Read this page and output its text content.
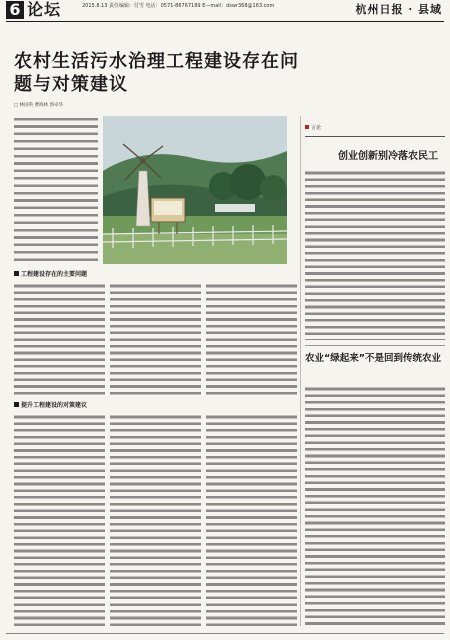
6 论坛	2015.8.13 责任编辑：付雪 电话：0571-86767189 E—mail：dswr368@163.com	杭州日报 · 县域
农村生活污水治理工程建设存在问题与对策建议
□ 林国英 曹海林 郭卓华
工程建设存在的主要问题
提升工程建设的对策建议
言论
创业创新别冷落农民工
农业“绿起来”不是回到传统农业
